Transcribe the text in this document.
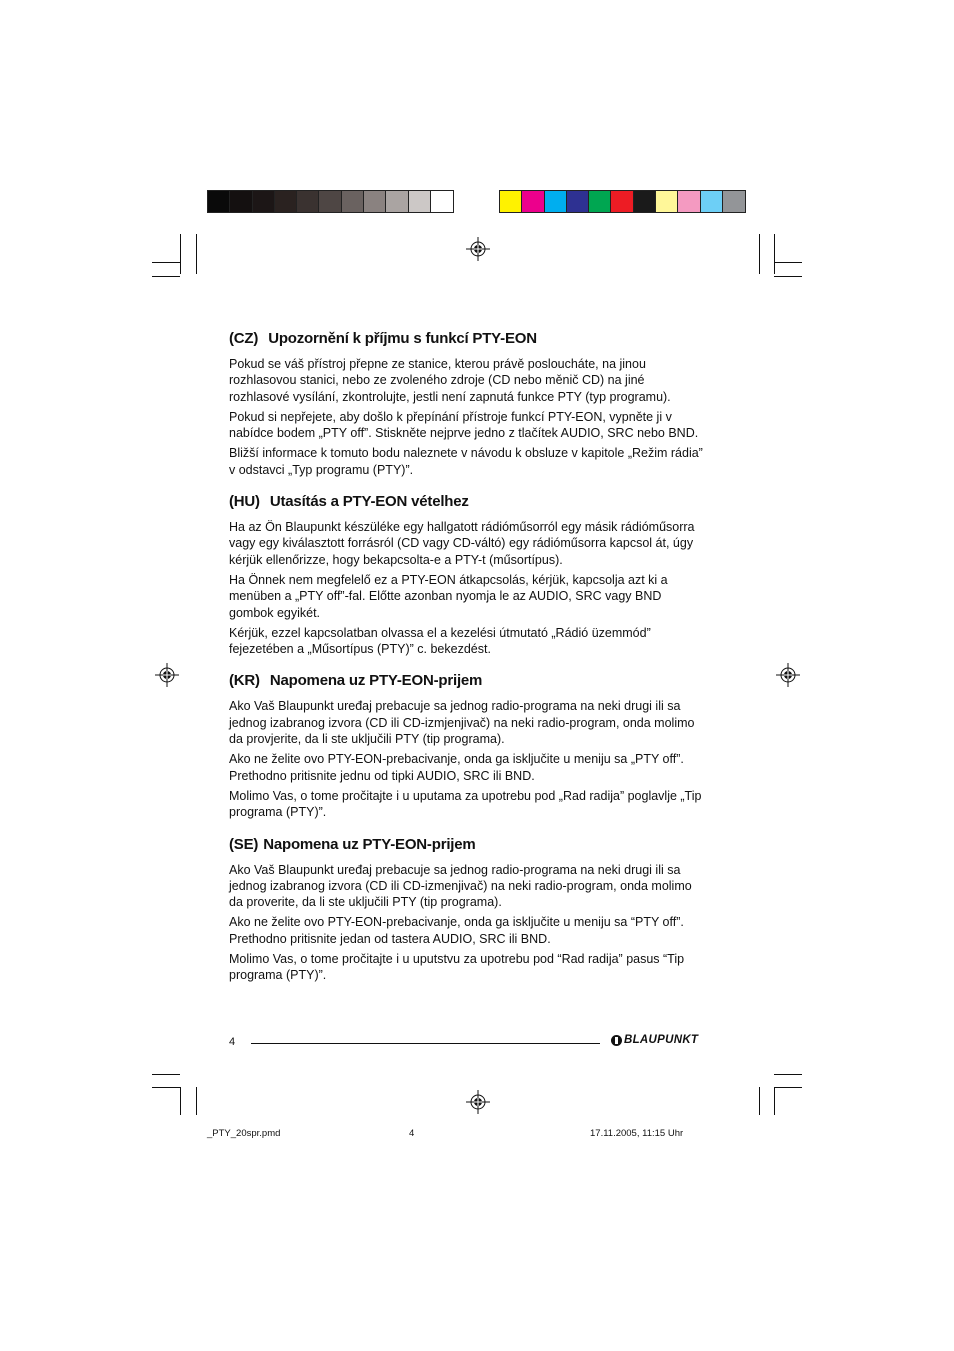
(CZ) Upozornění k příjmu s funkcí PTY-EON

Pokud se váš přístroj přepne ze stanice, kterou právě posloucháte, na jinou rozhlasovou stanici, nebo ze zvoleného zdroje (CD nebo měnič CD) na jiné rozhlasové vysílání, zkontrolujte, jestli není zapnutá funkce PTY (typ programu).

Pokud si nepřejete, aby došlo k přepínání přístroje funkcí PTY-EON, vypněte ji v nabídce bodem „PTY off”. Stiskněte nejprve jedno z tlačítek AUDIO, SRC nebo BND.

Bližší informace k tomuto bodu naleznete v návodu k obsluze v kapitole „Režim rádia” v odstavci „Typ programu (PTY)”.

(HU) Utasítás a PTY-EON vételhez

Ha az Ön Blaupunkt készüléke egy hallgatott rádióműsorról egy másik rádióműsorra vagy egy kiválasztott forrásról (CD vagy CD-váltó) egy rádióműsorra kapcsol át, úgy kérjük ellenőrizze, hogy bekapcsolta-e a PTY-t (műsortípus).

Ha Önnek nem megfelelő ez a PTY-EON átkapcsolás, kérjük, kapcsolja azt ki a menüben a „PTY off”-fal. Előtte azonban nyomja le az AUDIO, SRC vagy BND gombok egyikét.

Kérjük, ezzel kapcsolatban olvassa el a kezelési útmutató „Rádió üzemmód” fejezetében a „Műsortípus (PTY)” c. bekezdést.

(KR) Napomena uz PTY-EON-prijem

Ako Vaš Blaupunkt uređaj prebacuje sa jednog radio-programa na neki drugi ili sa jednog izabranog izvora (CD ili CD-izmjenjivač) na neki radio-program, onda molimo da provjerite, da li ste uključili PTY (tip programa).

Ako ne želite ovo PTY-EON-prebacivanje, onda ga isključite u meniju sa „PTY off”. Prethodno pritisnite jednu od tipki AUDIO, SRC ili BND.

Molimo Vas, o tome pročitajte i u uputama za upotrebu pod „Rad radija” poglavlje „Tip programa (PTY)”.

(SE) Napomena uz PTY-EON-prijem

Ako Vaš Blaupunkt uređaj prebacuje sa jednog radio-programa na neki drugi ili sa jednog izabranog izvora (CD ili CD-izmenjivač) na neki radio-program, onda molimo da proverite, da li ste uključili PTY (tip programa).

Ako ne želite ovo PTY-EON-prebacivanje, onda ga isključite u meniju sa “PTY off”. Prethodno pritisnite jedan od tastera AUDIO, SRC ili BND.

Molimo Vas, o tome pročitajte i u uputstvu za upotrebu pod “Rad radija” pasus “Tip programa (PTY)”.

4	BLAUPUNKT
_PTY_20spr.pmd	4	17.11.2005, 11:15 Uhr
